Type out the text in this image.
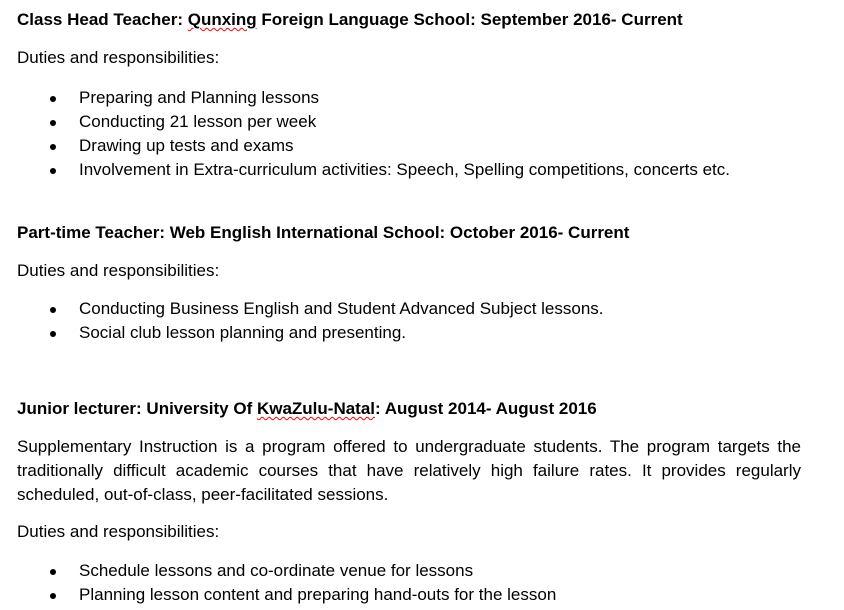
Class Head Teacher: Qunxing Foreign Language School: September 2016- Current

Duties and responsibilities:

Preparing and Planning lessons
Conducting 21 lesson per week
Drawing up tests and exams
Involvement in Extra-curriculum activities: Speech, Spelling competitions, concerts etc.

Part-time Teacher: Web English International School: October 2016- Current

Duties and responsibilities:

Conducting Business English and Student Advanced Subject lessons.
Social club lesson planning and presenting.

Junior lecturer: University Of KwaZulu-Natal: August 2014- August 2016

Supplementary Instruction is a program offered to undergraduate students. The program targets the traditionally difficult academic courses that have relatively high failure rates. It provides regularly scheduled, out-of-class, peer-facilitated sessions.

Duties and responsibilities:

Schedule lessons and co-ordinate venue for lessons
Planning lesson content and preparing hand-outs for the lesson
